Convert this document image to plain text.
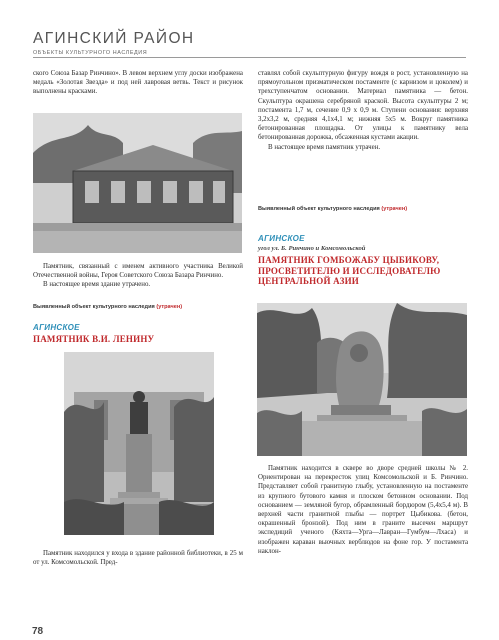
АГИНСКИЙ РАЙОН
ОБЪЕКТЫ КУЛЬТУРНОГО НАСЛЕДИЯ

ского Союза Базар Ринчино». В левом верхнем углу доски изображена медаль «Золотая Звезда» и под ней лавровая ветвь. Текст и рисунок выполнены красками.

Памятник, связанный с именем активного участника Великой Отечественной войны, Героя Советского Союза Базара Ринчино.

В настоящее время здание утрачено.

Выявленный объект культурного наследия (утрачен)
АГИНСКОЕ
ПАМЯТНИК В.И. ЛЕНИНУ

Памятник находился у входа в здание районной библиотеки, в 25 м от ул. Комсомольской. Пред-

ставлял собой скульптурную фигуру вождя в рост, установленную на прямоугольном призматическом постаменте (с карнизом и цоколем) и трехступенчатом основании. Материал памятника — бетон. Скульптура окрашена серебряной краской. Высота скульптуры 2 м; постамента 1,7 м, сечение 0,9 х 0,9 м. Ступени основания: верхняя 3,2х3,2 м, средняя 4,1х4,1 м; нижняя 5х5 м. Вокруг памятника бетонированная площадка. От улицы к памятнику вела бетонированная дорожка, обсаженная кустами акации.

В настоящее время памятник утрачен.

Выявленный объект культурного наследия (утрачен)
АГИНСКОЕ
угол ул. Б. Ринчино и Комсомольской
ПАМЯТНИК ГОМБОЖАБУ ЦЫБИКОВУ, ПРОСВЕТИТЕЛЮ И ИССЛЕДОВАТЕЛЮ ЦЕНТРАЛЬНОЙ АЗИИ

Памятник находится в сквере во дворе средней школы № 2. Ориентирован на перекресток улиц Комсомольской и Б. Ринчино. Представляет собой гранитную глыбу, установленную на постаменте из крупного бутового камня и плоском бетонном основании. Под основанием — земляной бугор, обрамленный бордюром (5,4х5,4 м). В верхней части гранитной глыбы — портрет Цыбикова. (бетон, окрашенный бронзой). Под ним в граните высечен маршрут экспедиций ученого (Кяхта—Урга—Лавран—Гумбум—Лхаса) и изображен караван вьючных верблюдов на фоне гор. У постамента наклон-

78
